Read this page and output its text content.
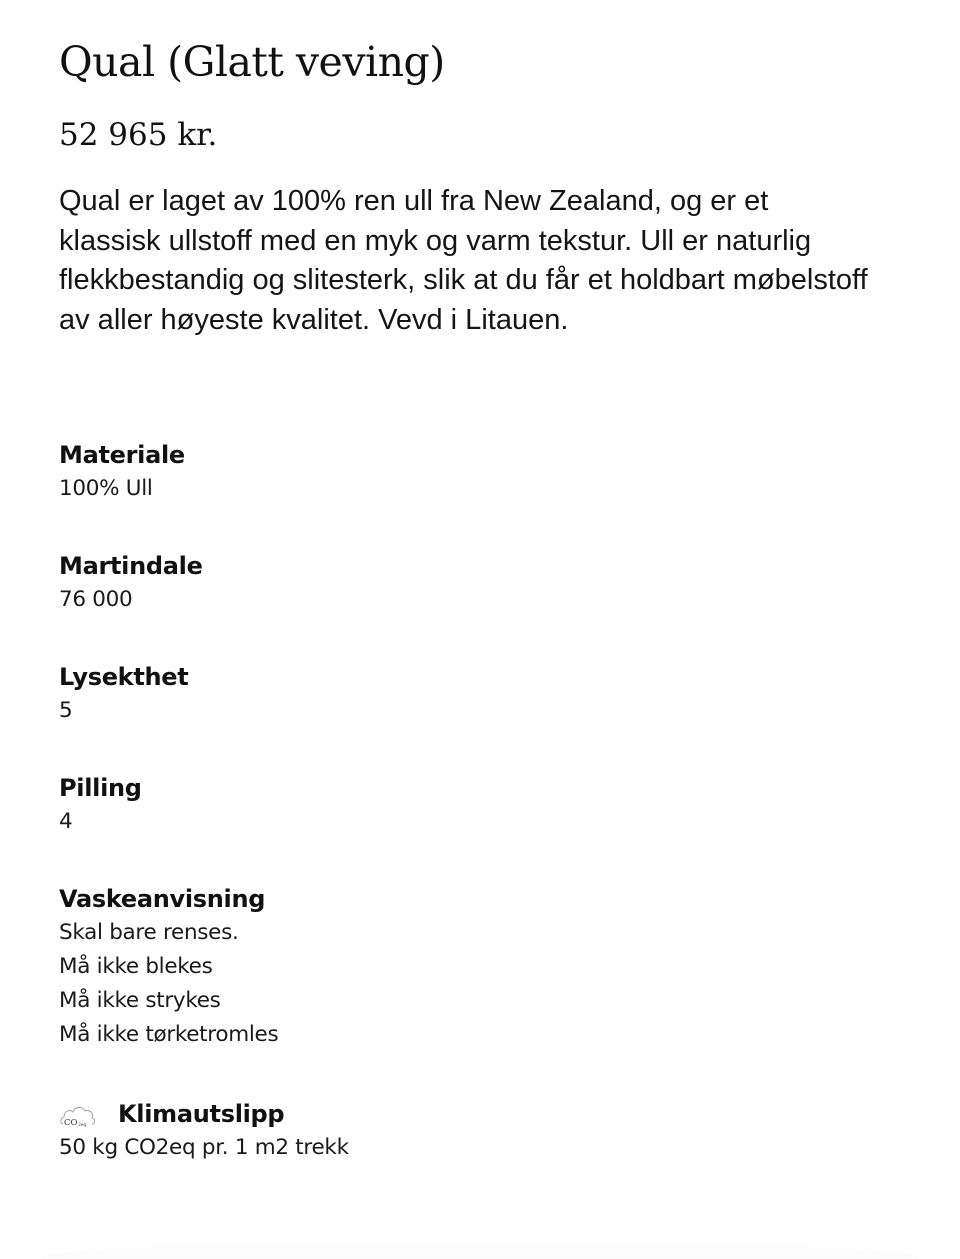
Qual (Glatt veving)
52 965 kr.

Qual er laget av 100% ren ull fra New Zealand, og er et klassisk ullstoff med en myk og varm tekstur. Ull er naturlig flekkbestandig og slitesterk, slik at du får et holdbart møbelstoff av aller høyeste kvalitet. Vevd i Litauen.

Materiale

100% Ull

Martindale

76 000

Lysekthet

5

Pilling

4

Vaskeanvisning

Skal bare renses.

Må ikke blekes

Må ikke strykes

Må ikke tørketromles

CO 2eq Klimautslipp

50 kg CO2eq pr. 1 m2 trekk
